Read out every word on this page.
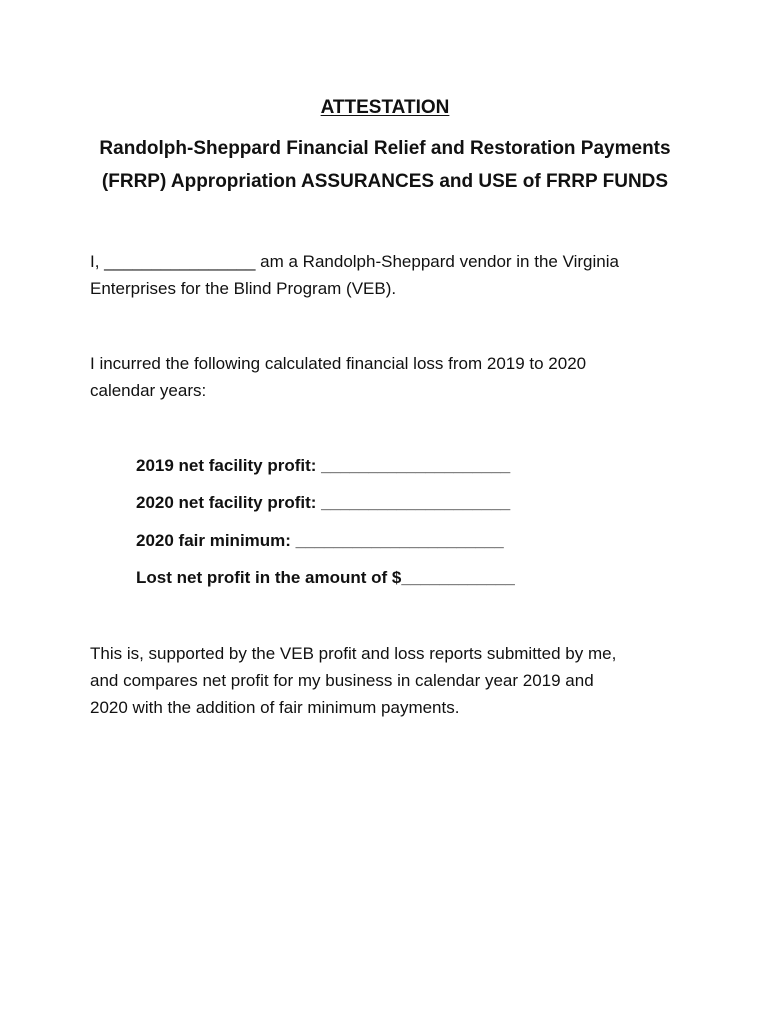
ATTESTATION
Randolph-Sheppard Financial Relief and Restoration Payments
(FRRP) Appropriation ASSURANCES and USE of FRRP FUNDS
I, ________________ am a Randolph-Sheppard vendor in the Virginia
Enterprises for the Blind Program (VEB).
I incurred the following calculated financial loss from 2019 to 2020
calendar years:
2019 net facility profit: ____________________
2020 net facility profit: ____________________
2020 fair minimum: ______________________
Lost net profit in the amount of $____________
This is, supported by the VEB profit and loss reports submitted by me,
and compares net profit for my business in calendar year 2019 and
2020 with the addition of fair minimum payments.
